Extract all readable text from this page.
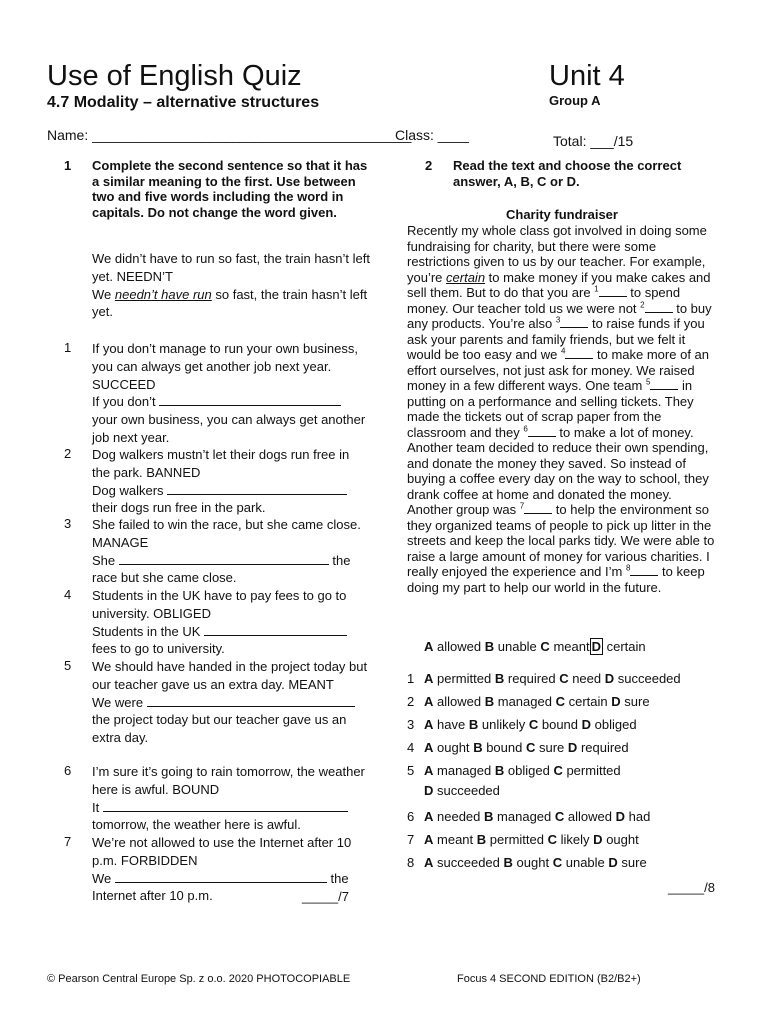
Use of English Quiz	Unit 4
4.7 Modality – alternative structures	Group A
Name: _________________________________________
Class: ____	Total: ___/15
1 Complete the second sentence so that it has a similar meaning to the first. Use between two and five words including the word in capitals. Do not change the word given.

We didn’t have to run so fast, the train hasn’t left yet. NEEDN’T

We needn’t have run so fast, the train hasn’t left yet.

1 If you don’t manage to run your own business, you can always get another job next year. SUCCEED
If you don’t  your own business, you can always get another job next year.
2 Dog walkers mustn’t let their dogs run free in the park. BANNED
Dog walkers  their dogs run free in the park.
3 She failed to win the race, but she came close. MANAGE
She	the race but she came close.
4 Students in the UK have to pay fees to go to university. OBLIGED
Students in the UK fees to go to university.
5 We should have handed in the project today but our teacher gave us an extra day. MEANT
We were  the project today but our teacher gave us an extra day.
6 I’m sure it’s going to rain tomorrow, the weather here is awful. BOUND
It  tomorrow, the weather here is awful.
7 We’re not allowed to use the Internet after 10 p.m. FORBIDDEN
We	the Internet after 10 p.m.	_____/7
2 Read the text and choose the correct answer, A, B, C or D.
Charity fundraiser

Recently my whole class got involved in doing some fundraising for charity, but there were some restrictions given to us by our teacher. For example, you’re certain to make money if you make cakes and sell them. But to do that you are $^1$ to spend money. Our teacher told us we were not $^2$ to buy any products. You’re also $^3$ to raise funds if you ask your parents and family friends, but we felt it would be too easy and we $^4$ to make more of an effort ourselves, not just ask for money. We raised money in a few different ways. One team $^5$ in putting on a performance and selling tickets. They made the tickets out of scrap paper from the classroom and they $^6$ to make a lot of money. Another team decided to reduce their own spending, and donate the money they saved. So instead of buying a coffee every day on the way to school, they drank coffee at home and donated the money. Another group was $^7$ to help the environment so they organized teams of people to pick up litter in the streets and keep the local parks tidy. We were able to raise a large amount of money for various charities. I really enjoyed the experience and I’m $^8$ to keep doing my part to help our world in the future.

A allowed B unable C meant D certain
1 A permitted B required C need D succeeded
2 A allowed B managed C certain D sure
3 A have B unlikely C bound D obliged
4 A ought B bound C sure D required
5 A managed B obliged C permitted
D succeeded
6 A needed B managed C allowed D had
7 A meant B permitted C likely D ought
8 A succeeded B ought C unable D sure
_____/8
© Pearson Central Europe Sp. z o.o. 2020 PHOTOCOPIABLE	Focus 4 SECOND EDITION (B2/B2+)
